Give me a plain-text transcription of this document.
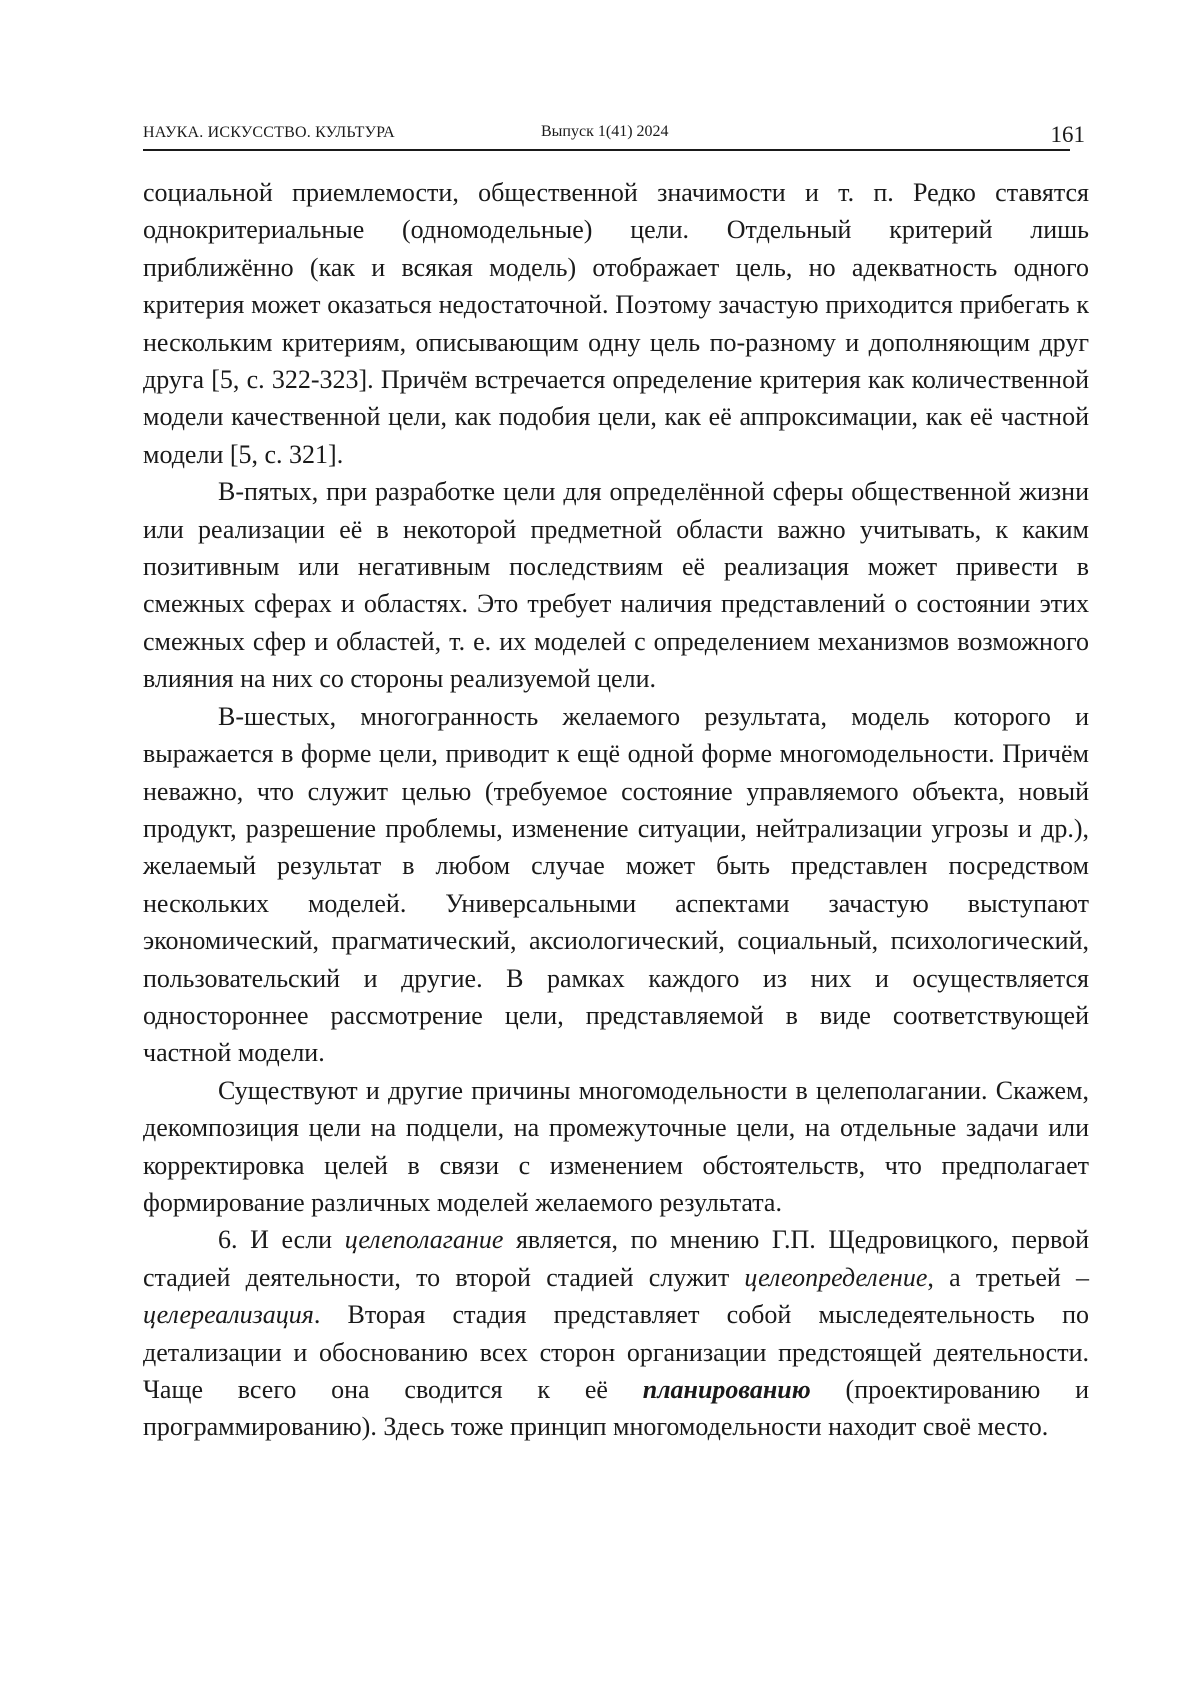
НАУКА. ИСКУССТВО. КУЛЬТУРА	Выпуск 1(41) 2024	161

социальной приемлемости, общественной значимости и т. п. Редко ставятся однокритериальные (одномодельные) цели. Отдельный критерий лишь приближённо (как и всякая модель) отображает цель, но адекватность одного критерия может оказаться недостаточной. Поэтому зачастую приходится прибегать к нескольким критериям, описывающим одну цель по-разному и дополняющим друг друга [5, с. 322-323]. Причём встречается определение критерия как количественной модели качественной цели, как подобия цели, как её аппроксимации, как её частной модели [5, с. 321].

В-пятых, при разработке цели для определённой сферы общественной жизни или реализации её в некоторой предметной области важно учитывать, к каким позитивным или негативным последствиям её реализация может привести в смежных сферах и областях. Это требует наличия представлений о состоянии этих смежных сфер и областей, т. е. их моделей с определением механизмов возможного влияния на них со стороны реализуемой цели.

В-шестых, многогранность желаемого результата, модель которого и выражается в форме цели, приводит к ещё одной форме многомодельности. Причём неважно, что служит целью (требуемое состояние управляемого объекта, новый продукт, разрешение проблемы, изменение ситуации, нейтрализации угрозы и др.), желаемый результат в любом случае может быть представлен посредством нескольких моделей. Универсальными аспектами зачастую выступают экономический, прагматический, аксиологический, социальный, психологический, пользовательский и другие. В рамках каждого из них и осуществляется одностороннее рассмотрение цели, представляемой в виде соответствующей частной модели.

Существуют и другие причины многомодельности в целеполагании. Скажем, декомпозиция цели на подцели, на промежуточные цели, на отдельные задачи или корректировка целей в связи с изменением обстоятельств, что предполагает формирование различных моделей желаемого результата.

6. И если целеполагание является, по мнению Г.П. Щедровицкого, первой стадией деятельности, то второй стадией служит целеопределение, а третьей – целереализация. Вторая стадия представляет собой мыследеятельность по детализации и обоснованию всех сторон организации предстоящей деятельности. Чаще всего она сводится к её планированию (проектированию и программированию). Здесь тоже принцип многомодельности находит своё место.
